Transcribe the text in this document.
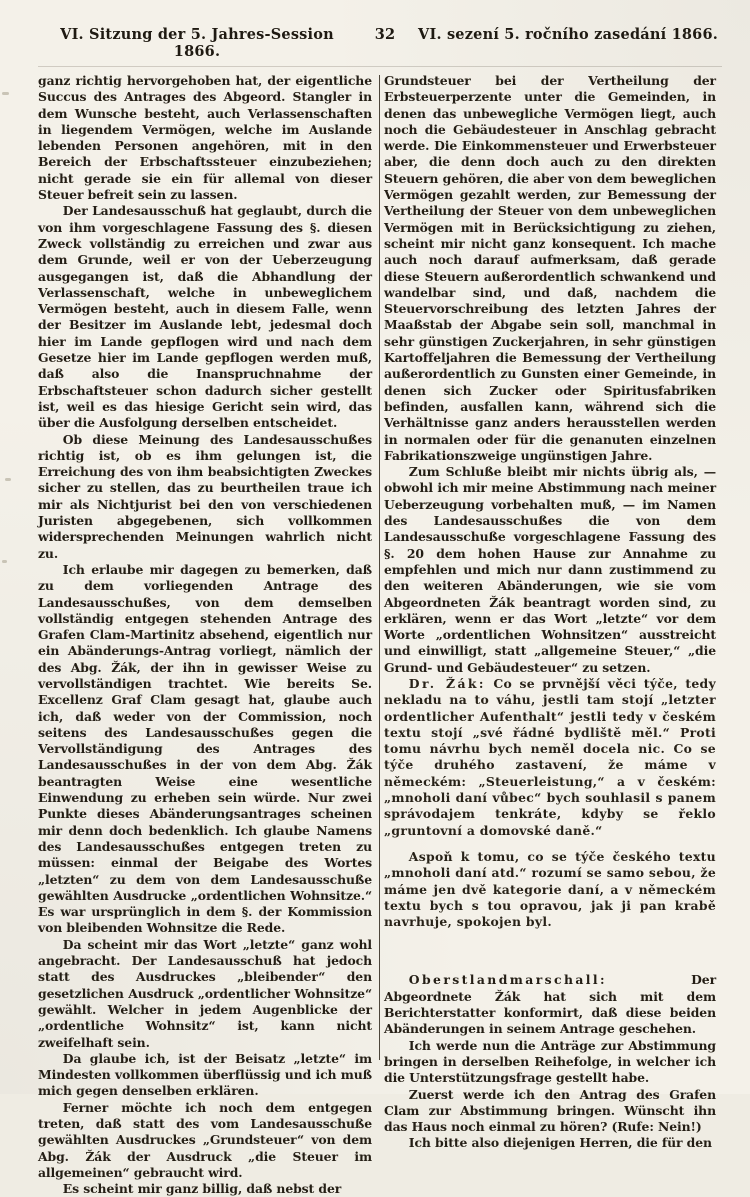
VI. Sitzung der 5. Jahres-Session 1866.
32	VI. sezení 5. ročního zasedání 1866.

ganz richtig hervorgehoben hat, der eigentliche Succus des Antrages des Abgeord. Stangler in dem Wunsche besteht, auch Verlassenschaften in liegendem Vermögen, welche im Auslande lebenden Personen angehören, mit in den Bereich der Erbschaftssteuer einzubeziehen; nicht gerade sie ein für allemal von dieser Steuer befreit sein zu lassen.

Der Landesausschuß hat geglaubt, durch die von ihm vorgeschlagene Fassung des §. diesen Zweck vollständig zu erreichen und zwar aus dem Grunde, weil er von der Ueberzeugung ausgegangen ist, daß die Abhandlung der Verlassenschaft, welche in unbeweglichem Vermögen besteht, auch in diesem Falle, wenn der Besitzer im Auslande lebt, jedesmal doch hier im Lande gepflogen wird und nach dem Gesetze hier im Lande gepflogen werden muß, daß also die Inanspruchnahme der Erbschaftsteuer schon dadurch sicher gestellt ist, weil es das hiesige Gericht sein wird, das über die Ausfolgung derselben entscheidet.

Ob diese Meinung des Landesausschußes richtig ist, ob es ihm gelungen ist, die Erreichung des von ihm beabsichtigten Zweckes sicher zu stellen, das zu beurtheilen traue ich mir als Nichtjurist bei den von verschiedenen Juristen abgegebenen, sich vollkommen widersprechenden Meinungen wahrlich nicht zu.

Ich erlaube mir dagegen zu bemerken, daß zu dem vorliegenden Antrage des Landesausschußes, von dem demselben vollständig entgegen stehenden Antrage des Grafen Clam-Martinitz absehend, eigentlich nur ein Abänderungs-Antrag vorliegt, nämlich der des Abg. Žák, der ihn in gewisser Weise zu vervollständigen trachtet. Wie bereits Se. Excellenz Graf Clam gesagt hat, glaube auch ich, daß weder von der Commission, noch seitens des Landesausschußes gegen die Vervollständigung des Antrages des Landesausschußes in der von dem Abg. Žák beantragten Weise eine wesentliche Einwendung zu erheben sein würde. Nur zwei Punkte dieses Abänderungsantrages scheinen mir denn doch bedenklich. Ich glaube Namens des Landesausschußes entgegen treten zu müssen: einmal der Beigabe des Wortes „letzten“ zu dem von dem Landesausschuße gewählten Ausdrucke „ordentlichen Wohnsitze.“ Es war ursprünglich in dem §. der Kommission von bleibenden Wohnsitze die Rede.

Da scheint mir das Wort „letzte“ ganz wohl angebracht. Der Landesausschuß hat jedoch statt des Ausdruckes „bleibender“ den gesetzlichen Ausdruck „ordentlicher Wohnsitze“ gewählt. Welcher in jedem Augenblicke der „ordentliche Wohnsitz“ ist, kann nicht zweifelhaft sein.

Da glaube ich, ist der Beisatz „letzte“ im Mindesten vollkommen überflüssig und ich muß mich gegen denselben erklären.

Ferner möchte ich noch dem entgegen treten, daß statt des vom Landesausschuße gewählten Ausdruckes „Grundsteuer“ von dem Abg. Žák der Ausdruck „die Steuer im allgemeinen“ gebraucht wird.

Es scheint mir ganz billig, daß nebst der

Grundsteuer bei der Vertheilung der Erbsteuerperzente unter die Gemeinden, in denen das unbewegliche Vermögen liegt, auch noch die Gebäudesteuer in Anschlag gebracht werde. Die Einkommensteuer und Erwerbsteuer aber, die denn doch auch zu den direkten Steuern gehören, die aber von dem beweglichen Vermögen gezahlt werden, zur Bemessung der Vertheilung der Steuer von dem unbeweglichen Vermögen mit in Berücksichtigung zu ziehen, scheint mir nicht ganz konsequent. Ich mache auch noch darauf aufmerksam, daß gerade diese Steuern außerordentlich schwankend und wandelbar sind, und daß, nachdem die Steuervorschreibung des letzten Jahres der Maaßstab der Abgabe sein soll, manchmal in sehr günstigen Zuckerjahren, in sehr günstigen Kartoffeljahren die Bemessung der Vertheilung außerordentlich zu Gunsten einer Gemeinde, in denen sich Zucker oder Spiritusfabriken befinden, ausfallen kann, während sich die Verhältnisse ganz anders herausstellen werden in normalen oder für die genanuten einzelnen Fabrikationszweige ungünstigen Jahre.

Zum Schluße bleibt mir nichts übrig als, — obwohl ich mir meine Abstimmung nach meiner Ueberzeugung vorbehalten muß, — im Namen des Landesausschußes die von dem Landesausschuße vorgeschlagene Fassung des §. 20 dem hohen Hause zur Annahme zu empfehlen und mich nur dann zustimmend zu den weiteren Abänderungen, wie sie vom Abgeordneten Žák beantragt worden sind, zu erklären, wenn er das Wort „letzte“ vor dem Worte „ordentlichen Wohnsitzen“ ausstreicht und einwilligt, statt „allgemeine Steuer,“ „die Grund- und Gebäudesteuer“ zu setzen.

Dr. Žák: Co se prvnější věci týče, tedy nekladu na to váhu, jestli tam stojí „letzter ordentlicher Aufenthalt“ jestli tedy v českém textu stojí „své řádné bydliště měl.“ Proti tomu návrhu bych neměl docela nic. Co se týče druhého zastavení, že máme v německém: „Steuerleistung,“ a v českém: „mnoholi daní vůbec“ bych souhlasil s panem správodajem tenkráte, kdyby se řeklo „gruntovní a domovské daně.“

Aspoň k tomu, co se týče českého textu „mnoholi daní atd.“ rozumí se samo sebou, že máme jen dvě kategorie daní, a v německém textu bych s tou opravou, jak ji pan krabě navrhuje, spokojen byl.

Oberstlandmarschall:	Der Abgeordnete Žák hat sich mit dem Berichterstatter konformirt, daß diese beiden Abänderungen in seinem Antrage geschehen.

Ich werde nun die Anträge zur Abstimmung bringen in derselben Reihefolge, in welcher ich die Unterstützungsfrage gestellt habe.

Zuerst werde ich den Antrag des Grafen Clam zur Abstimmung bringen. Wünscht ihn das Haus noch einmal zu hören? (Rufe: Nein!)

Ich bitte also diejenigen Herren, die für den
